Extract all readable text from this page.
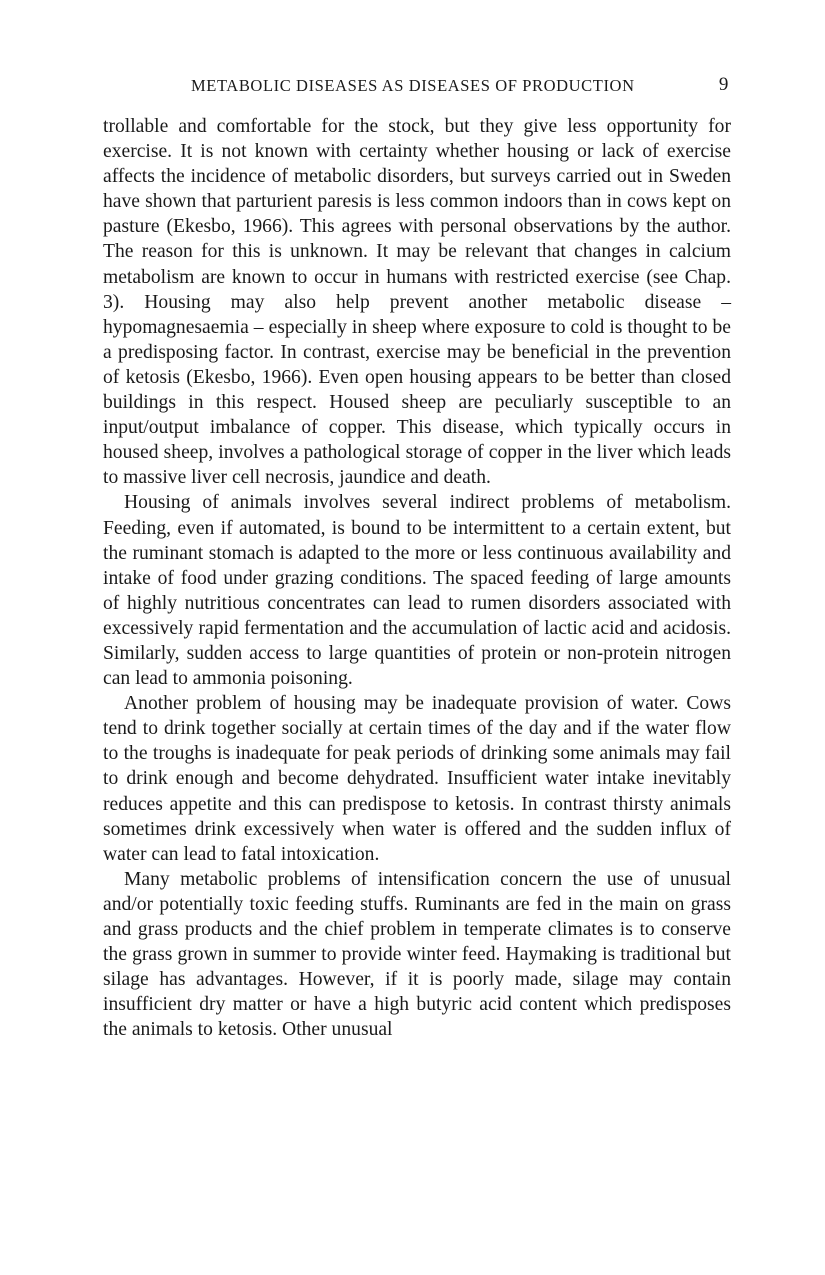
METABOLIC DISEASES AS DISEASES OF PRODUCTION	9

trollable and comfortable for the stock, but they give less opportunity for exercise. It is not known with certainty whether housing or lack of exercise affects the incidence of metabolic disorders, but surveys carried out in Sweden have shown that parturient paresis is less common indoors than in cows kept on pasture (Ekesbo, 1966). This agrees with personal observations by the author. The reason for this is unknown. It may be relevant that changes in calcium metabolism are known to occur in humans with restricted exercise (see Chap. 3). Housing may also help prevent another metabolic disease – hypomagnesaemia – especially in sheep where exposure to cold is thought to be a predisposing factor. In contrast, exercise may be beneficial in the prevention of ketosis (Ekesbo, 1966). Even open housing appears to be better than closed buildings in this respect. Housed sheep are peculiarly susceptible to an input/output imbalance of copper. This disease, which typically occurs in housed sheep, involves a pathological storage of copper in the liver which leads to massive liver cell necrosis, jaundice and death.

Housing of animals involves several indirect problems of metabolism. Feeding, even if automated, is bound to be intermittent to a certain extent, but the ruminant stomach is adapted to the more or less continuous availability and intake of food under grazing conditions. The spaced feeding of large amounts of highly nutritious concentrates can lead to rumen disorders associated with excessively rapid fermentation and the accumulation of lactic acid and acidosis. Similarly, sudden access to large quantities of protein or non-protein nitrogen can lead to ammonia poisoning.

Another problem of housing may be inadequate provision of water. Cows tend to drink together socially at certain times of the day and if the water flow to the troughs is inadequate for peak periods of drinking some animals may fail to drink enough and become dehydrated. Insufficient water intake inevitably reduces appetite and this can predispose to ketosis. In contrast thirsty animals sometimes drink excessively when water is offered and the sudden influx of water can lead to fatal intoxication.

Many metabolic problems of intensification concern the use of unusual and/or potentially toxic feeding stuffs. Ruminants are fed in the main on grass and grass products and the chief problem in temperate climates is to conserve the grass grown in summer to provide winter feed. Haymaking is traditional but silage has advantages. However, if it is poorly made, silage may contain insufficient dry matter or have a high butyric acid content which predisposes the animals to ketosis. Other unusual
